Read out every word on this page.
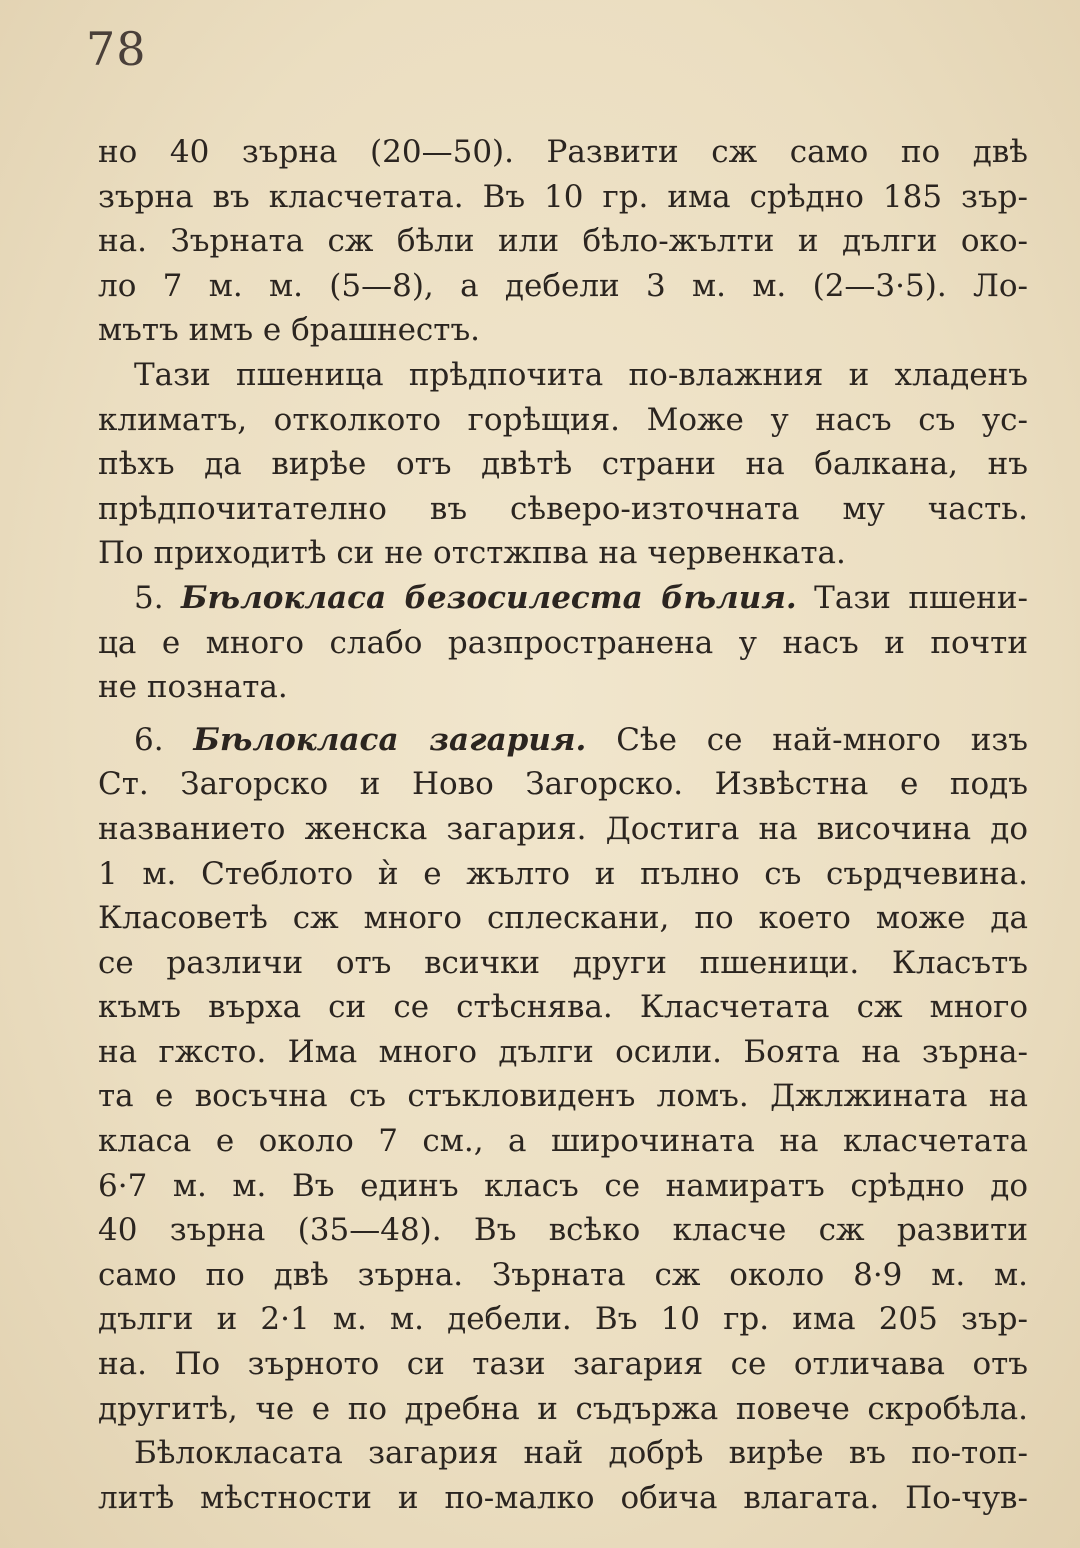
78
но 40 зърна (20—50). Развити сж само по двѣ
зърна въ класчетата. Въ 10 гр. има срѣдно 185 зър-
на. Зърната сж бѣли или бѣло-жълти и дълги око-
ло 7 м. м. (5—8), а дебели 3 м. м. (2—3·5). Ло-
мътъ имъ е брашнестъ.
Тази пшеница прѣдпочита по-влажния и хладенъ
климатъ, отколкото горѣщия. Може у насъ съ ус-
пѣхъ да вирѣе отъ двѣтѣ страни на балкана, нъ
прѣдпочитателно въ сѣверо-източната му часть.
По приходитѣ си не отстжпва на червенката.
5. Бѣлокласа безосилеста бѣлия. Тази пшени-
ца е много слабо разпространена у насъ и почти
не позната.
6. Бѣлокласа загария. Сѣе се най-много изъ
Ст. Загорско и Ново Загорско. Извѣстна е подъ
названието женска загария. Достига на височина до
1 м. Стеблото ѝ е жълто и пълно съ сърдчевина.
Класоветѣ сж много сплескани, по което може да
се различи отъ всички други пшеници. Класътъ
къмъ върха си се стѣснява. Класчетата сж много
на гжсто. Има много дълги осили. Боята на зърна-
та е восъчна съ стъкловиденъ ломъ. Джлжината на
класа е около 7 см., а широчината на класчетата
6·7 м. м. Въ единъ класъ се намиратъ срѣдно до
40 зърна (35—48). Въ всѣко класче сж развити
само по двѣ зърна. Зърната сж около 8·9 м. м.
дълги и 2·1 м. м. дебели. Въ 10 гр. има 205 зър-
на. По зърното си тази загария се отличава отъ
другитѣ, че е по дребна и съдържа повече скробѣла.
Бѣлокласата загария най добрѣ вирѣе въ по-топ-
литѣ мѣстности и по-малко обича влагата. По-чув-
